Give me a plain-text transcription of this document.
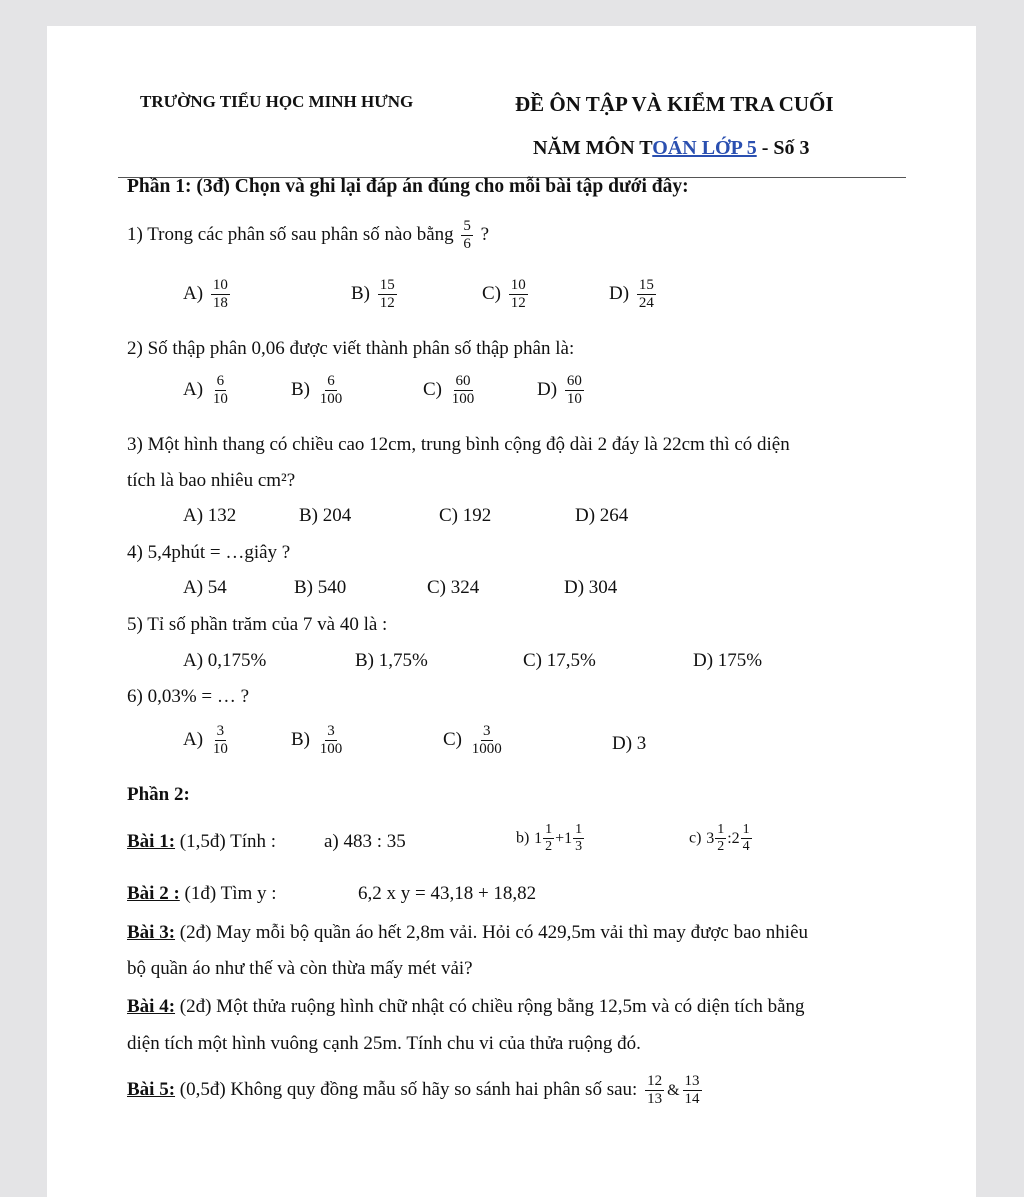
TRƯỜNG TIỂU HỌC MINH HƯNG	ĐỀ ÔN TẬP VÀ KIỂM TRA CUỐI
NĂM MÔN TOÁN LỚP 5 - Số 3
Phần 1: (3đ) Chọn và ghi lại đáp án đúng cho mỗi bài tập dưới đây:
1) Trong các phân số sau phân số nào bằng $\frac{5}{6}$ ?
$A) \frac{10}{18}$	$B) \frac{15}{12}$	$C) \frac{10}{12}$	$D) \frac{15}{24}$
2) Số thập phân 0,06 được viết thành phân số thập phân là:
$A) \frac{6}{10}$	$B) \frac{6}{100}$	$C) \frac{60}{100}$	$D) \frac{60}{10}$
3) Một hình thang có chiều cao 12cm, trung bình cộng độ dài 2 đáy là 22cm thì có diện
tích là bao nhiêu cm²?
A) 132	B) 204	C) 192	D) 264
4) 5,4phút = …giây ?
A) 54	B) 540	C) 324	D) 304
5) Tỉ số phần trăm của 7 và 40 là :
A) 0,175%	B) 1,75%	C) 17,5%	D) 175%
6) 0,03% = … ?
$A) \frac{3}{10}$	$B) \frac{3}{100}$	$C) \frac{3}{1000}$	D) 3
Phần 2:
Bài 1: (1,5đ) Tính :	a) 483 : 35	b) $1 \frac{1}{2} + 1 \frac{1}{3}$	c) $3 \frac{1}{2}$ : $2 \frac{1}{4}$
Bài 2 : (1đ) Tìm y :	6,2 x y = 43,18 + 18,82
Bài 3: (2đ) May mỗi bộ quần áo hết 2,8m vải. Hỏi có 429,5m vải thì may được bao nhiêu
bộ quần áo như thế và còn thừa mấy mét vải?
Bài 4: (2đ) Một thửa ruộng hình chữ nhật có chiều rộng bằng 12,5m và có diện tích bằng
diện tích một hình vuông cạnh 25m. Tính chu vi của thửa ruộng đó.
Bài 5: (0,5đ) Không quy đồng mẫu số hãy so sánh hai phân số sau: $\frac{12}{13}$ & $\frac{13}{14}$
